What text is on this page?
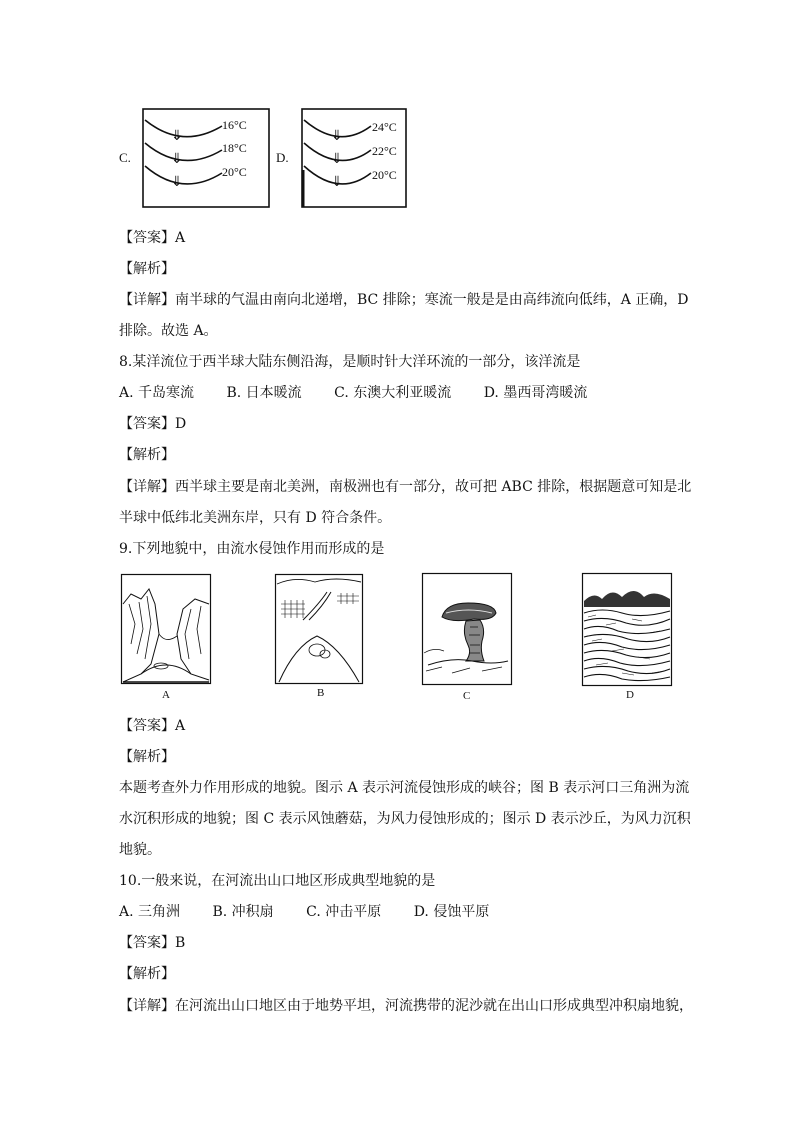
C.
⇓
⇓
⇓
16°C
18°C
20°C
D.
⇓
⇓
⇓
24°C
22°C
20°C
【答案】A
【解析】
【详解】南半球的气温由南向北递增，BC 排除；寒流一般是是由高纬流向低纬，A 正确，D
排除。故选 A。
8.某洋流位于西半球大陆东侧沿海，是顺时针大洋环流的一部分，该洋流是
A. 千岛寒流 B. 日本暖流 C. 东澳大利亚暖流 D. 墨西哥湾暖流
【答案】D
【解析】
【详解】西半球主要是南北美洲，南极洲也有一部分，故可把 ABC 排除，根据题意可知是北
半球中低纬北美洲东岸，只有 D 符合条件。
9.下列地貌中，由流水侵蚀作用而形成的是
A	B	C	D
【答案】A
【解析】
本题考查外力作用形成的地貌。图示 A 表示河流侵蚀形成的峡谷；图 B 表示河口三角洲为流
水沉积形成的地貌；图 C 表示风蚀蘑菇，为风力侵蚀形成的；图示 D 表示沙丘，为风力沉积
地貌。
10.一般来说，在河流出山口地区形成典型地貌的是
A. 三角洲 B. 冲积扇 C. 冲击平原 D. 侵蚀平原
【答案】B
【解析】
【详解】在河流出山口地区由于地势平坦，河流携带的泥沙就在出山口形成典型冲积扇地貌，
